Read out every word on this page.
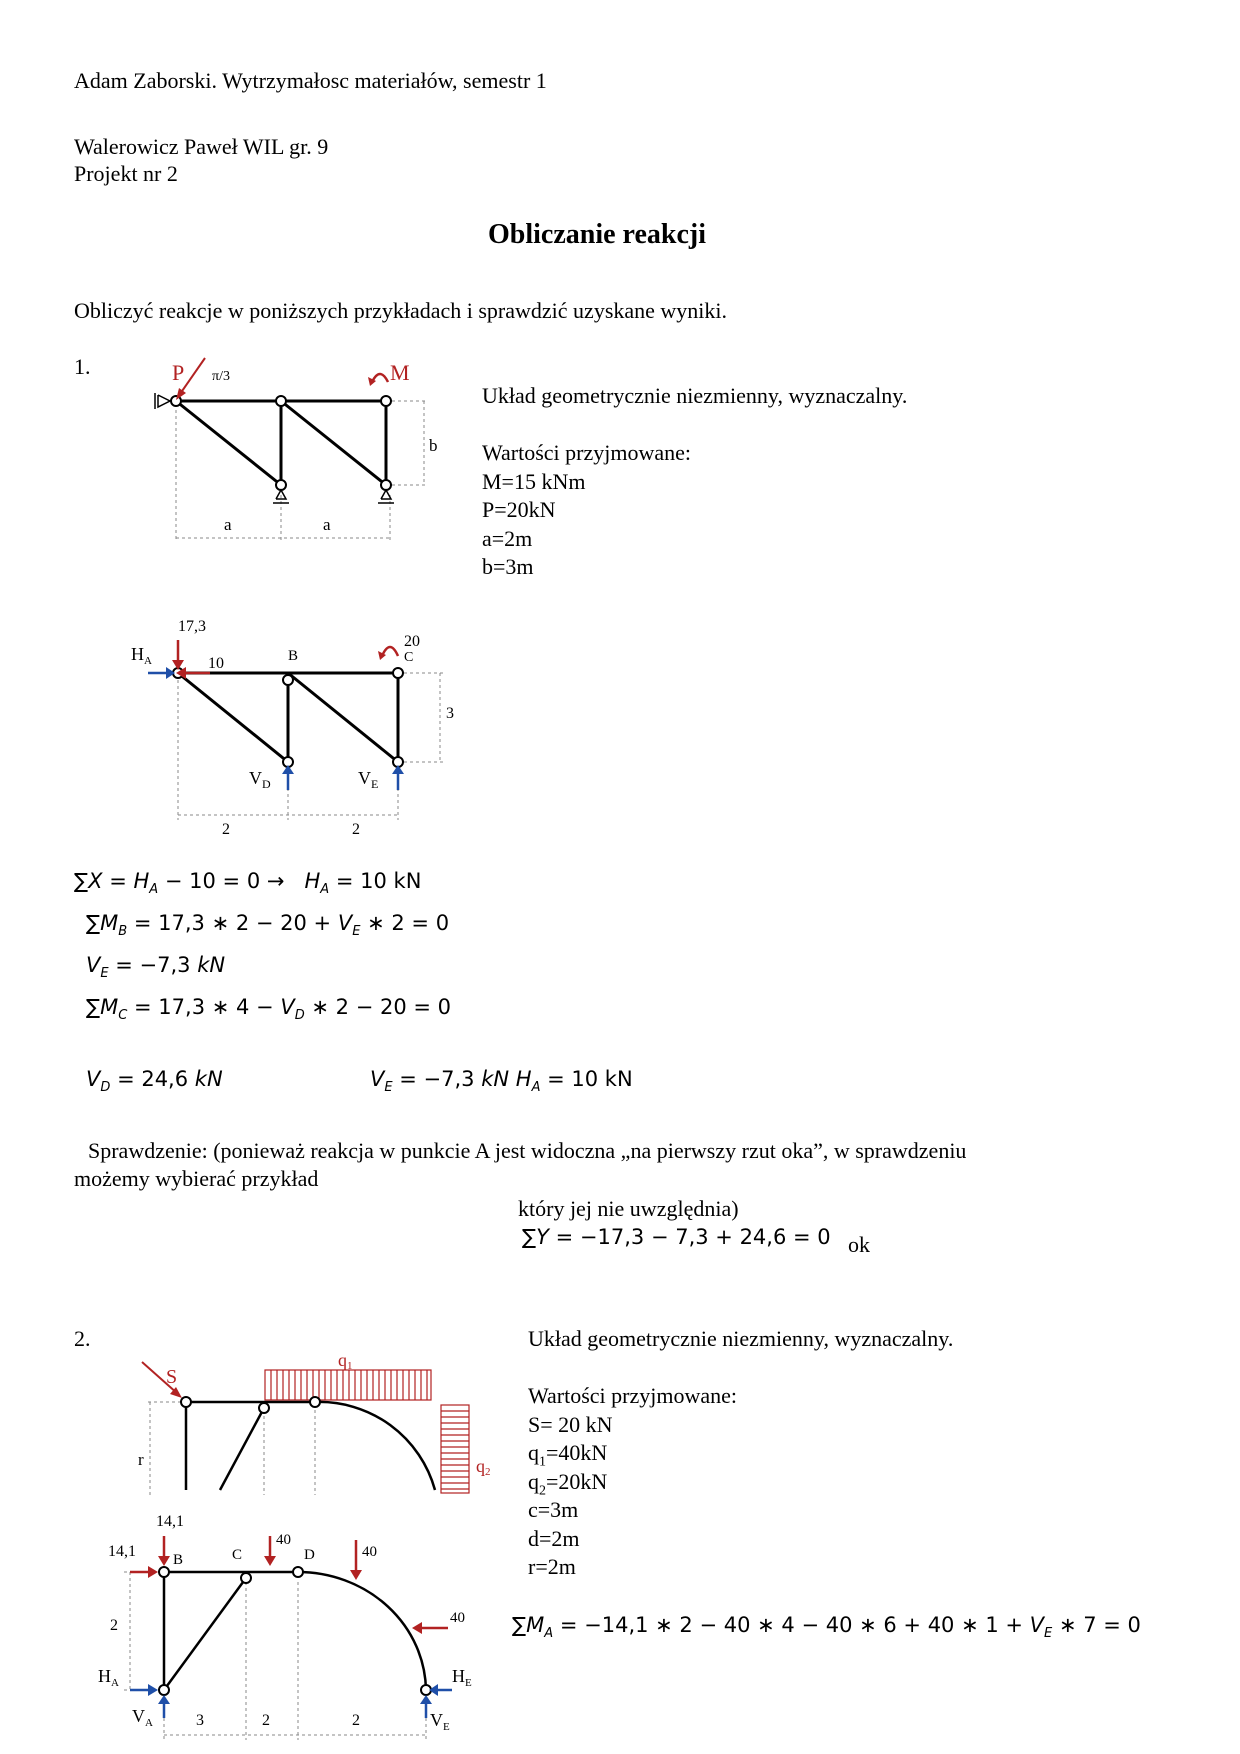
Adam Zaborski. Wytrzymałosc materiałów, semestr 1
Walerowicz Paweł WIL gr. 9
Projekt nr 2
Obliczanie reakcji
Obliczyć reakcje w poniższych przykładach i sprawdzić uzyskane wyniki.
1.
Układ geometrycznie niezmienny, wyznaczalny.
Wartości przyjmowane:
M=15 kNm
P=20kN
a=2m
b=3m
P π/3	M
b
a	a
17,3
$H_A$	10	B
20
C
3
$V_D$	$V_E$
2	2
$\sum X = H_A - 10 = 0 \to H_A = 10$ kN
$\sum M_B = 17,3$ ∗ $2 - 20 + V_E$ ∗ 2 = 0
$V_E = -7,3$ kN
$\sum M_C = 17,3$ ∗ $4 - V_D$ ∗ 2 − 20 = 0
$V_D = 24,6$ kN	$V_E = -7,3$ kN $H_A = 10$ kN
Sprawdzenie: (ponieważ reakcja w punkcie A jest widoczna „na pierwszy rzut oka”, w sprawdzeniu
możemy wybierać przykład
który jej nie uwzględnia)
∑Y = −17,3 − 7,3 + 24,6 = 0 ok
2.	Układ geometrycznie niezmienny, wyznaczalny.
Wartości przyjmowane:
S= 20 kN
$q_1=40kN$
$q_2=20kN$
c=3m
d=2m
r=2m
S
q1
q2
r
14,1
14,1 B	C
40
D	40
40
2
$H_A$	$H_E$
$V_A$	$V_E$
3	2	2
$\sum M_A = -14,1$ ∗ 2 − 40 ∗ 4 − 40 ∗ 6 + 40 ∗ $1 + V_E$ ∗ 7 = 0
